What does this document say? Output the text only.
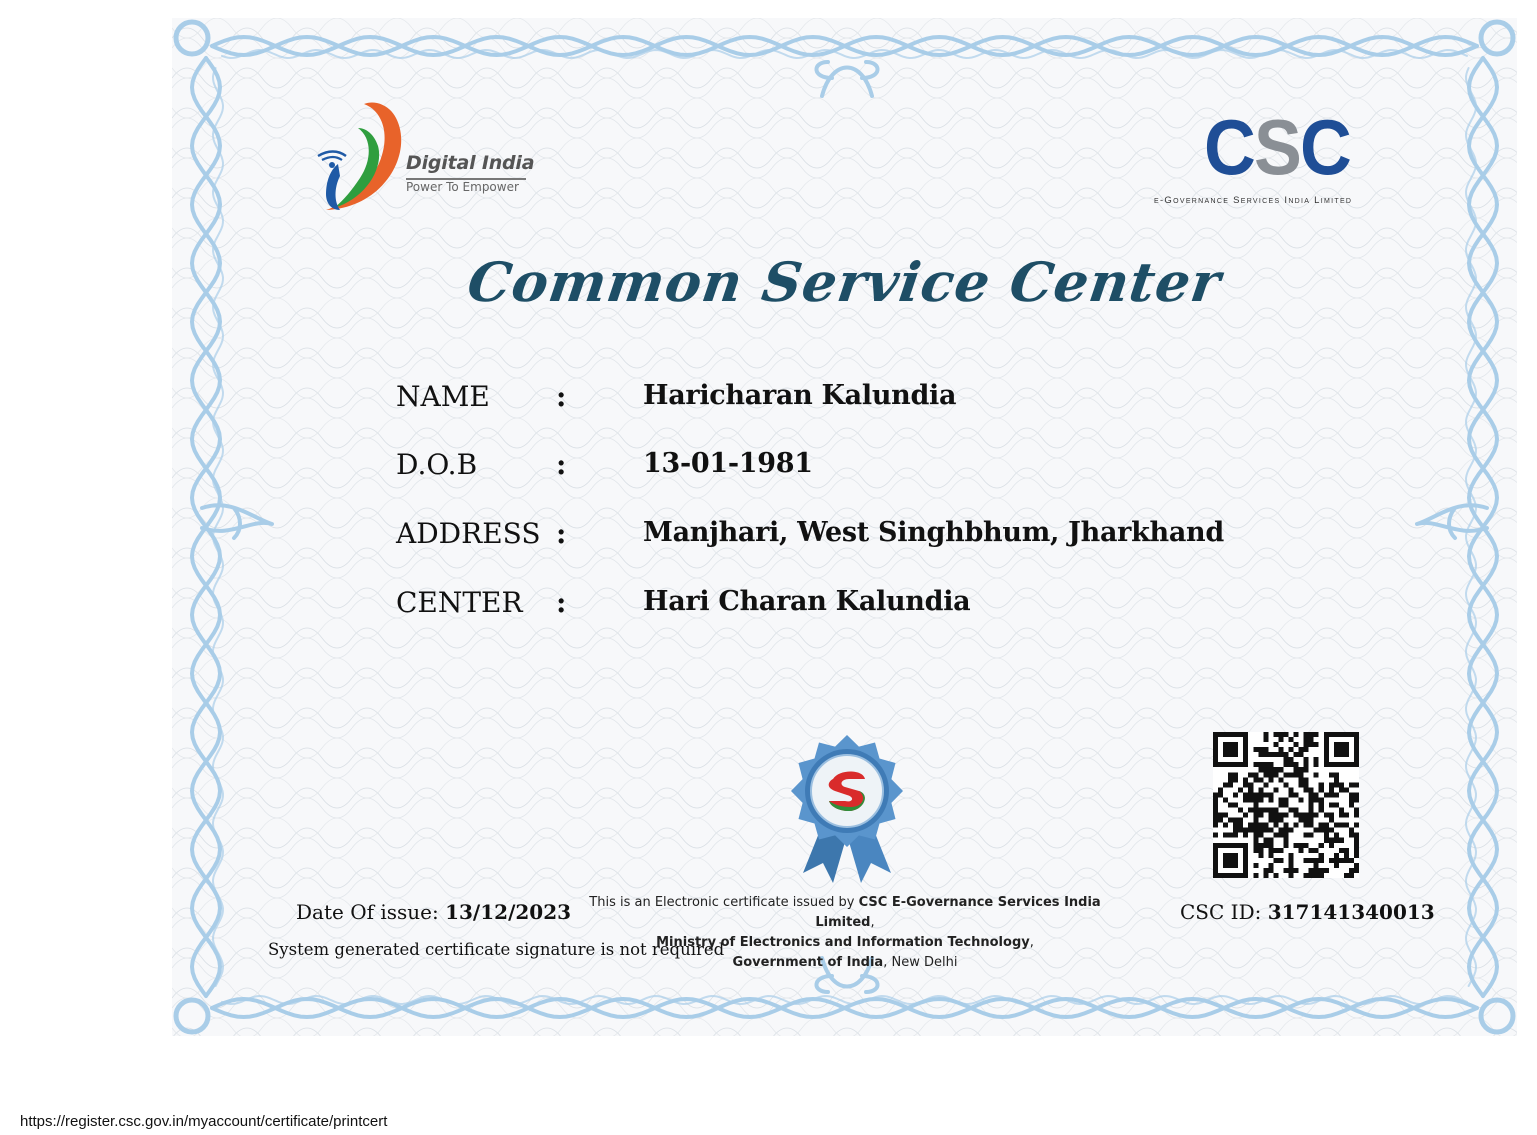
Digital India
Power To Empower	CSC
e-Governance Services India Limited
Common Service Center
NAME :	Haricharan Kalundia
D.O.B	:	13-01-1981
ADDRESS :	Manjhari, West Singhbhum, Jharkhand
CENTER :	Hari Charan Kalundia
Date Of issue: 13/12/2023
System generated certificate signature is not required
This is an Electronic certificate issued by CSC E-Governance Services India Limited,
Ministry of Electronics and Information Technology,
Government of India, New Delhi
CSC ID: 317141340013
https://register.csc.gov.in/myaccount/certificate/printcert
